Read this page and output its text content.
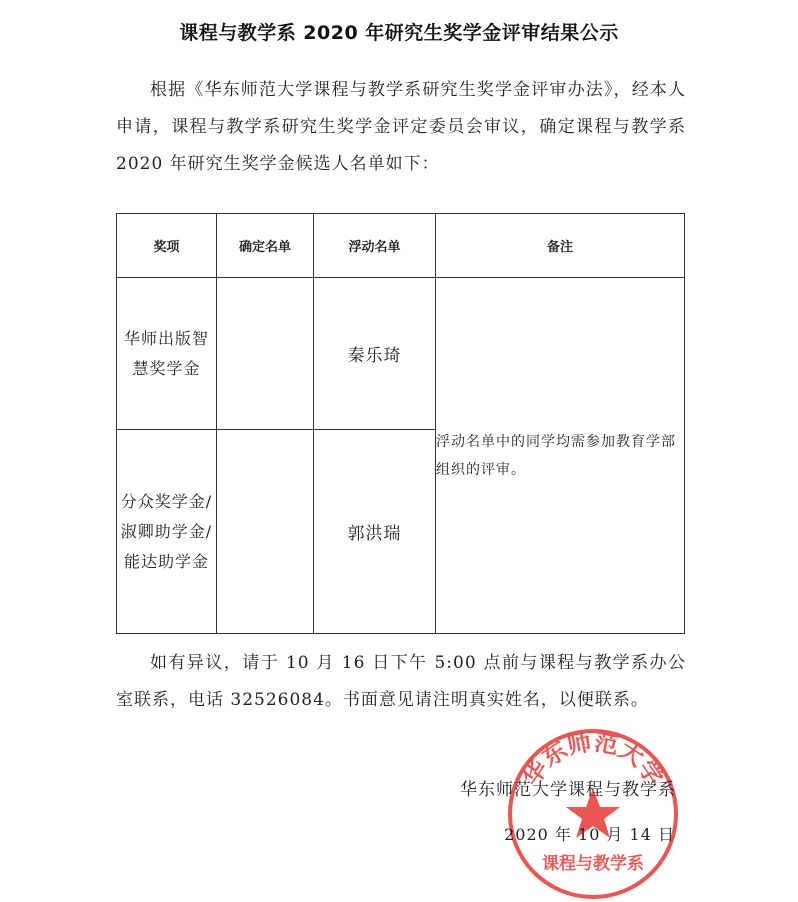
课程与教学系 2020 年研究生奖学金评审结果公示

根据《华东师范大学课程与教学系研究生奖学金评审办法》，经本人申请，课程与教学系研究生奖学金评定委员会审议，确定课程与教学系 2020 年研究生奖学金候选人名单如下：

奖项	确定名单	浮动名单	备注
华师出版智慧奖学金		秦乐琦	浮动名单中的同学均需参加教育学部组织的评审。
分众奖学金/淑卿助学金/能达助学金		郭洪瑞	

如有异议，请于 10 月 16 日下午 5:00 点前与课程与教学系办公室联系，电话 32526084。书面意见请注明真实姓名，以便联系。

华东师范大学
课程与教学系
华东师范大学课程与教学系
2020 年 10 月 14 日
